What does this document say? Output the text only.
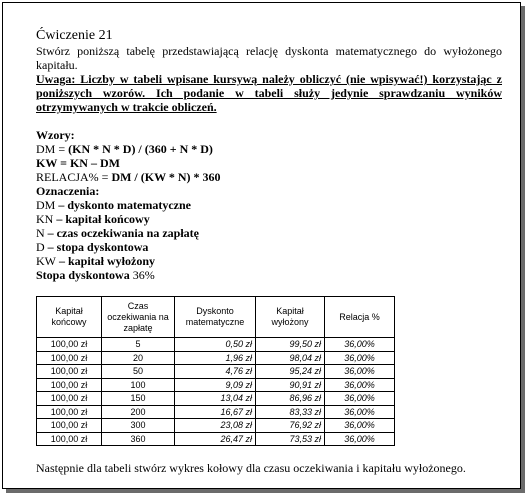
Ćwiczenie 21

Stwórz poniższą tabelę przedstawiającą relację dyskonta matematycznego do wyłożonego kapitału.

Uwaga: Liczby w tabeli wpisane kursywą należy obliczyć (nie wpisywać!) korzystając z poniższych wzorów. Ich podanie w tabeli służy jedynie sprawdzaniu wyników otrzymywanych w trakcie obliczeń.

Wzory:

DM = (KN * N * D) / (360 + N * D)

KW = KN – DM

RELACJA% = DM / (KW * N) * 360

Oznaczenia:

DM – dyskonto matematyczne

KN – kapitał końcowy

N – czas oczekiwania na zapłatę

D – stopa dyskontowa

KW – kapitał wyłożony

Stopa dyskontowa 36%

Kapitał końcowy	Czas oczekiwania na zapłatę	Dyskonto matematyczne	Kapitał wyłożony	Relacja %
100,00 zł	5	0,50 zł	99,50 zł	36,00%
100,00 zł	20	1,96 zł	98,04 zł	36,00%
100,00 zł	50	4,76 zł	95,24 zł	36,00%
100,00 zł	100	9,09 zł	90,91 zł	36,00%
100,00 zł	150	13,04 zł	86,96 zł	36,00%
100,00 zł	200	16,67 zł	83,33 zł	36,00%
100,00 zł	300	23,08 zł	76,92 zł	36,00%
100,00 zł	360	26,47 zł	73,53 zł	36,00%

Następnie dla tabeli stwórz wykres kołowy dla czasu oczekiwania i kapitału wyłożonego.
